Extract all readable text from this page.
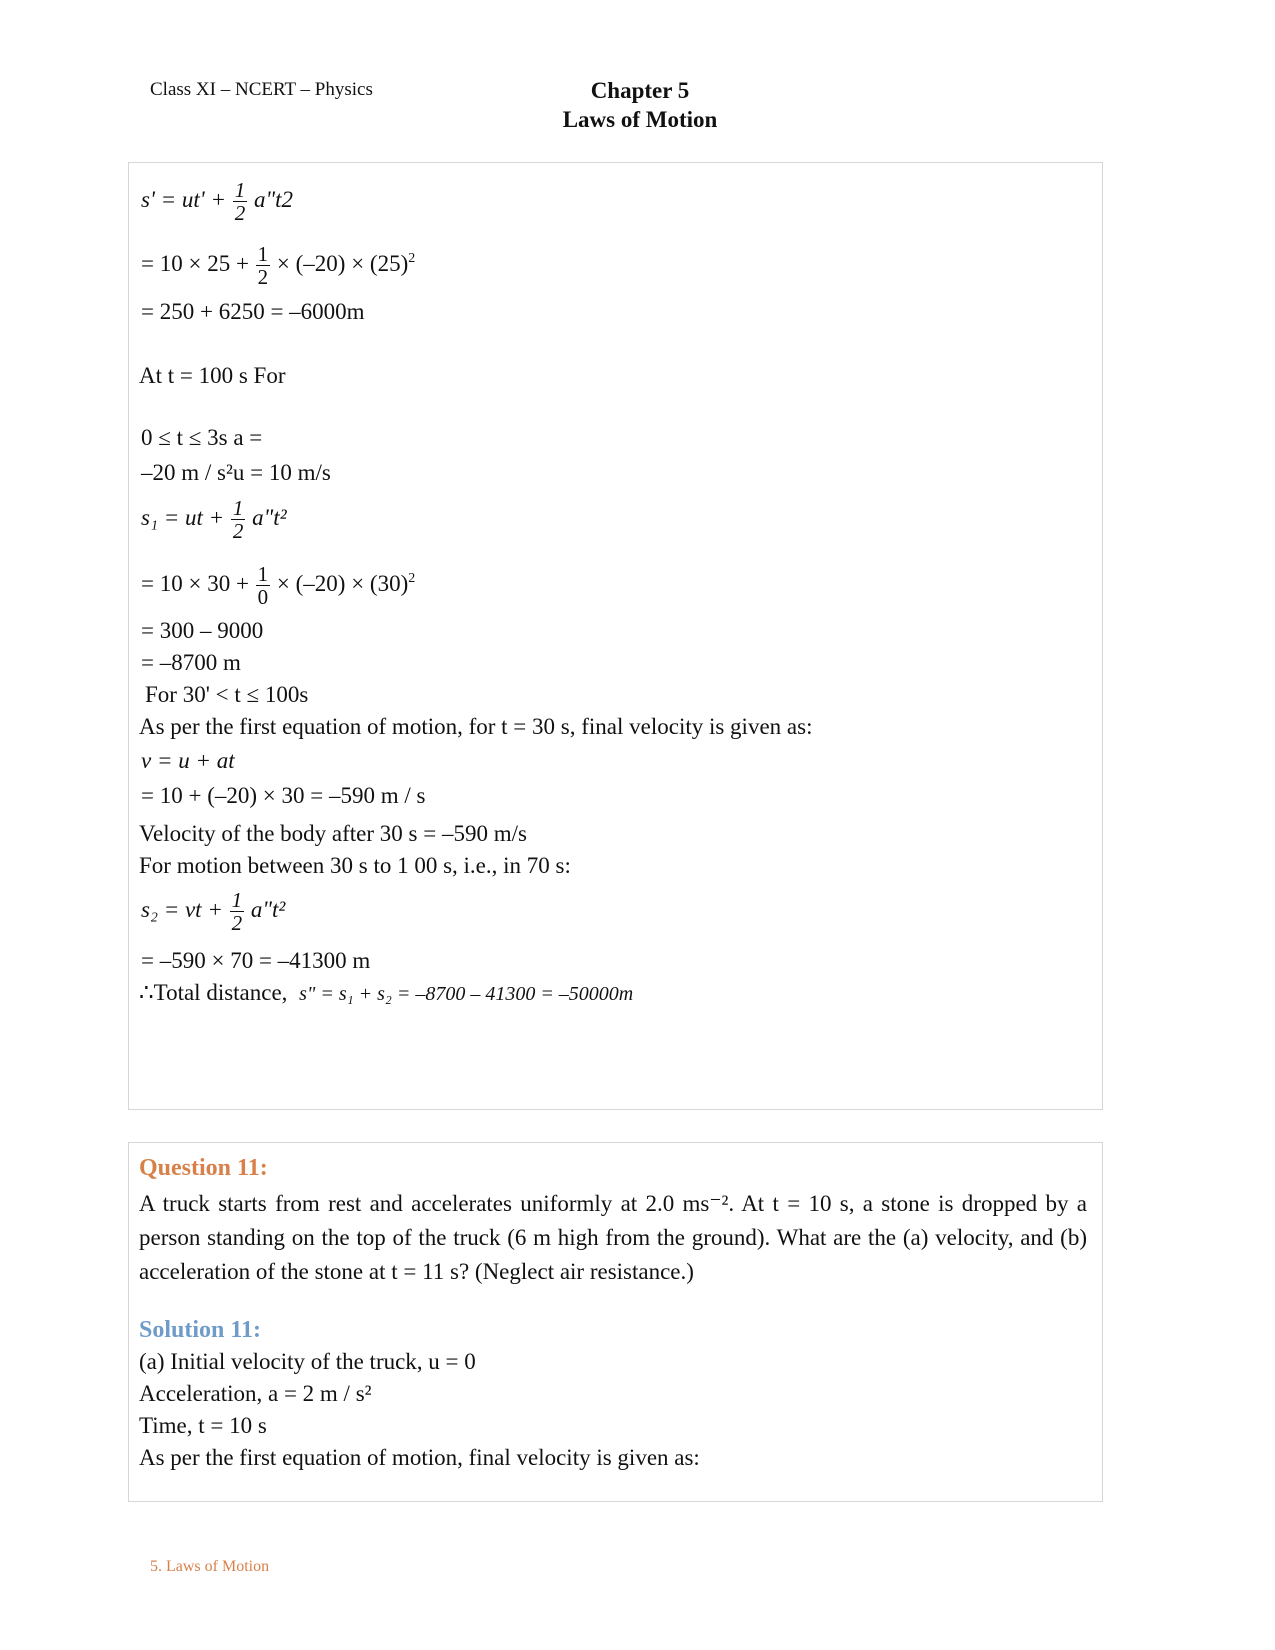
Class XI – NCERT – Physics	Chapter 5
Laws of Motion
$s' = ut' + \frac{1}{2}$ a"t2
= $10 \times 25 + \frac{1}{2} \times (-20) \times (25)^2$
= 250 + 6250 = –6000m
At t = 100 s For
0 ≤ t ≤ 3s a =
–20 m / s²u = 10 m/s
s₁ = ut + $\frac{1}{2}$ a"t²
= $10 \times 30 + \frac{1}{0} \times (-20) \times (30)^2$
= 300 – 9000
= –8700 m
For 30' < t ≤ 100s
As per the first equation of motion, for t = 30 s, final velocity is given as:
v = u + at
= 10 + (–20) × 30 = –590 m / s
Velocity of the body after 30 s = –590 m/s
For motion between 30 s to 1 00 s, i.e., in 70 s:
s₂ = vt + $\frac{1}{2}$ a"t²
= –590 × 70 = –41300 m
∴Total distance, s" = s₁ + s₂ = –8700 – 41300 = –50000m
Question 11:
A truck starts from rest and accelerates uniformly at 2.0 ms⁻². At t = 10 s, a stone is dropped by a person standing on the top of the truck (6 m high from the ground). What are the (a) velocity, and (b) acceleration of the stone at t = 11 s? (Neglect air resistance.)
Solution 11:
(a) Initial velocity of the truck, u = 0
Acceleration, a = 2 m / s²
Time, t = 10 s
As per the first equation of motion, final velocity is given as:
5. Laws of Motion
